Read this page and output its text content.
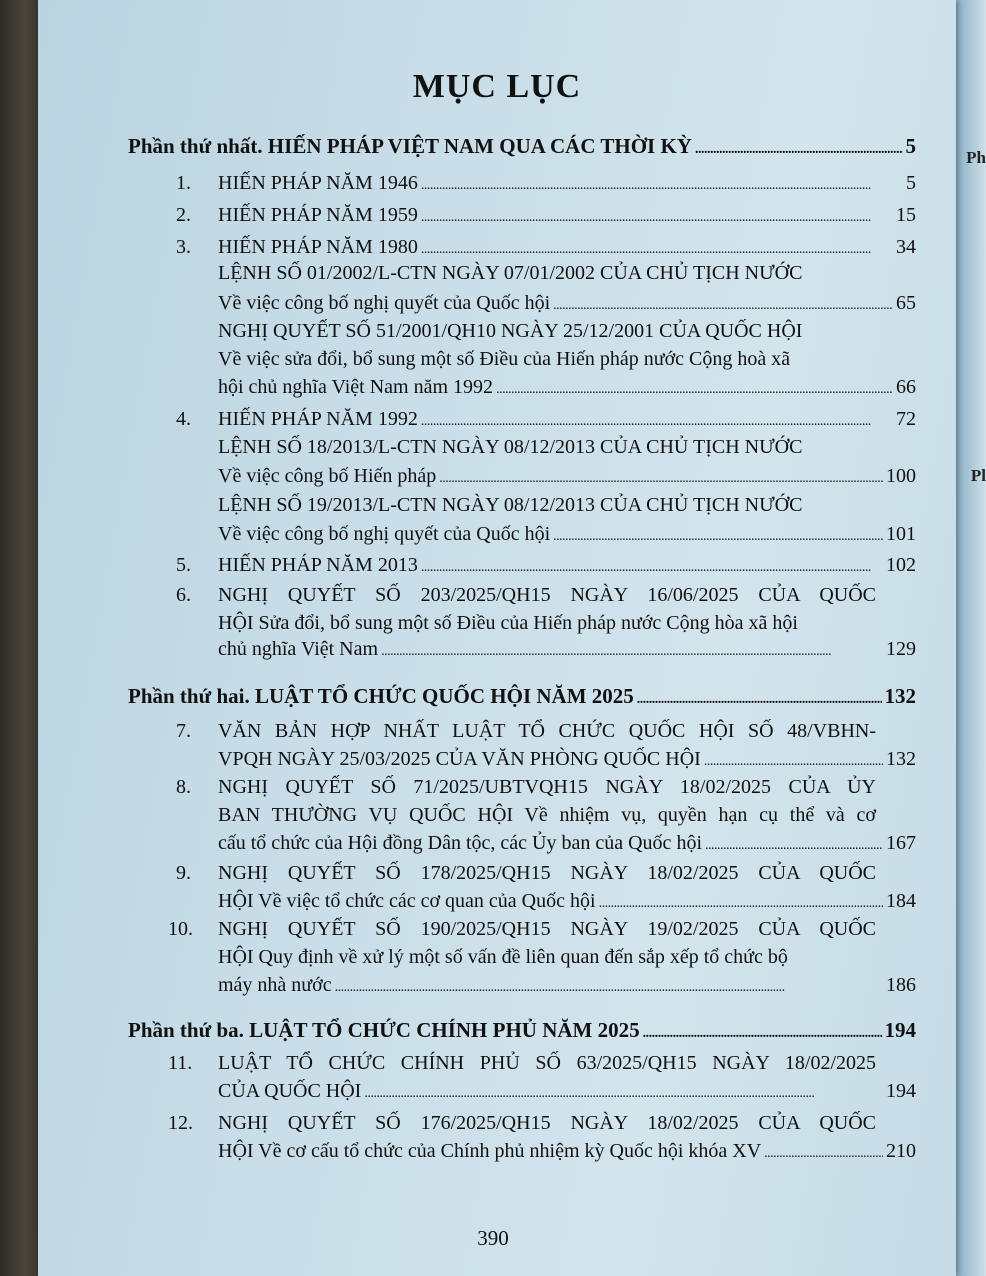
Ph
Pl
MỤC LỤC
Phần thứ nhất. HIẾN PHÁP VIỆT NAM QUA CÁC THỜI KỲ . . .	5
1. HIẾN PHÁP NĂM 1946 . . .	5
2. HIẾN PHÁP NĂM 1959 . . .	15
3. HIẾN PHÁP NĂM 1980 . . .	34
LỆNH SỐ 01/2002/L-CTN NGÀY 07/01/2002 CỦA CHỦ TỊCH NƯỚC
Về việc công bố nghị quyết của Quốc hội . . .	65
NGHỊ QUYẾT SỐ 51/2001/QH10 NGÀY 25/12/2001 CỦA QUỐC HỘI
Về việc sửa đổi, bổ sung một số Điều của Hiến pháp nước Cộng hoà xã
hội chủ nghĩa Việt Nam năm 1992 . . .	66
4. HIẾN PHÁP NĂM 1992 . . .	72
LỆNH SỐ 18/2013/L-CTN NGÀY 08/12/2013 CỦA CHỦ TỊCH NƯỚC
Về việc công bố Hiến pháp . . .	100
LỆNH SỐ 19/2013/L-CTN NGÀY 08/12/2013 CỦA CHỦ TỊCH NƯỚC
Về việc công bố nghị quyết của Quốc hội . . .	101
5. HIẾN PHÁP NĂM 2013 . . .	102
6. NGHỊ QUYẾT SỐ 203/2025/QH15 NGÀY 16/06/2025 CỦA QUỐC
HỘI Sửa đổi, bổ sung một số Điều của Hiến pháp nước Cộng hòa xã hội
chủ nghĩa Việt Nam . . .	129
Phần thứ hai. LUẬT TỔ CHỨC QUỐC HỘI NĂM 2025 . . .	132
7. VĂN BẢN HỢP NHẤT LUẬT TỔ CHỨC QUỐC HỘI SỐ 48/VBHN-
VPQH NGÀY 25/03/2025 CỦA VĂN PHÒNG QUỐC HỘI . . .	132
8. NGHỊ QUYẾT SỐ 71/2025/UBTVQH15 NGÀY 18/02/2025 CỦA ỦY
BAN THƯỜNG VỤ QUỐC HỘI Về nhiệm vụ, quyền hạn cụ thể và cơ
cấu tổ chức của Hội đồng Dân tộc, các Ủy ban của Quốc hội . . .	167
9. NGHỊ QUYẾT SỐ 178/2025/QH15 NGÀY 18/02/2025 CỦA QUỐC
HỘI Về việc tổ chức các cơ quan của Quốc hội . . .	184
10. NGHỊ QUYẾT SỐ 190/2025/QH15 NGÀY 19/02/2025 CỦA QUỐC
HỘI Quy định về xử lý một số vấn đề liên quan đến sắp xếp tổ chức bộ
máy nhà nước . . .	186
Phần thứ ba. LUẬT TỔ CHỨC CHÍNH PHỦ NĂM 2025 . . .	194
11. LUẬT TỔ CHỨC CHÍNH PHỦ SỐ 63/2025/QH15 NGÀY 18/02/2025
CỦA QUỐC HỘI . . .	194
12. NGHỊ QUYẾT SỐ 176/2025/QH15 NGÀY 18/02/2025 CỦA QUỐC
HỘI Về cơ cấu tổ chức của Chính phủ nhiệm kỳ Quốc hội khóa XV . . .	210
390
